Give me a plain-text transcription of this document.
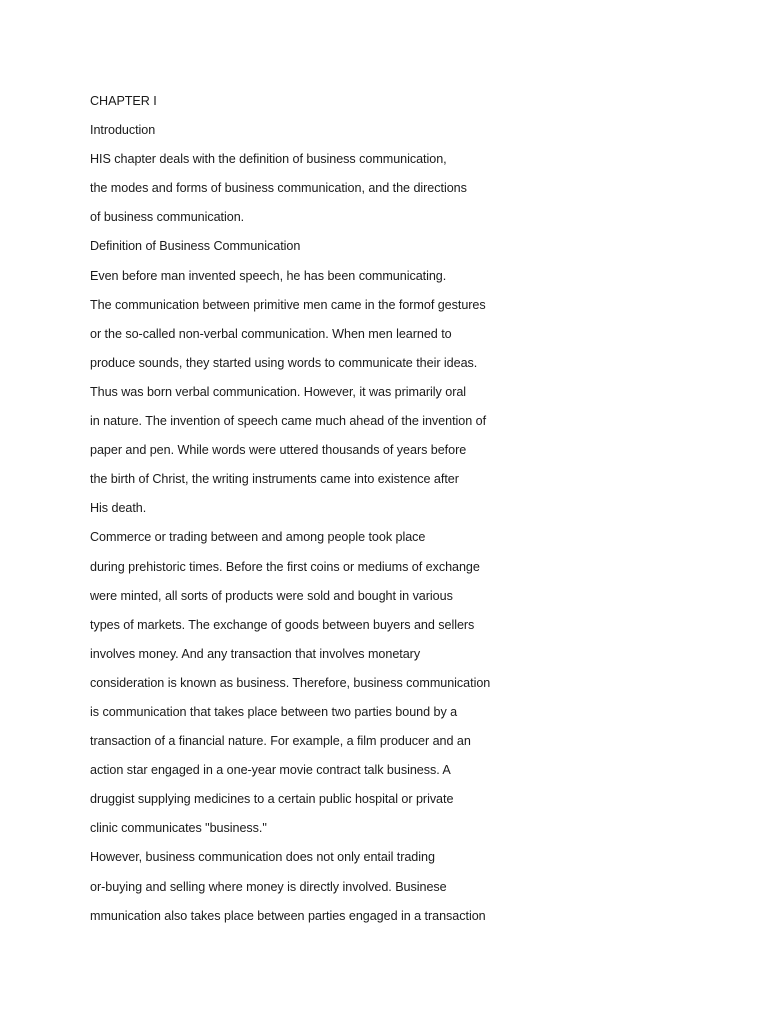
CHAPTER I
Introduction
HIS chapter deals with the definition of business communication,
the modes and forms of business communication, and the directions
of business communication.
Definition of Business Communication
Even before man invented speech, he has been communicating.
The communication between primitive men came in the formof gestures
or the so-called non-verbal communication. When men learned to
produce sounds, they started using words to communicate their ideas.
Thus was born verbal communication. However, it was primarily oral
in nature. The invention of speech came much ahead of the invention of
paper and pen. While words were uttered thousands of years before
the birth of Christ, the writing instruments came into existence after
His death.
Commerce or trading between and among people took place
during prehistoric times. Before the first coins or mediums of exchange
were minted, all sorts of products were sold and bought in various
types of markets. The exchange of goods between buyers and sellers
involves money. And any transaction that involves monetary
consideration is known as business. Therefore, business communication
is communication that takes place between two parties bound by a
transaction of a financial nature. For example, a film producer and an
action star engaged in a one-year movie contract talk business. A
druggist supplying medicines to a certain public hospital or private
clinic communicates "business."
However, business communication does not only entail trading
or-buying and selling where money is directly involved. Businese
mmunication also takes place between parties engaged in a transaction
